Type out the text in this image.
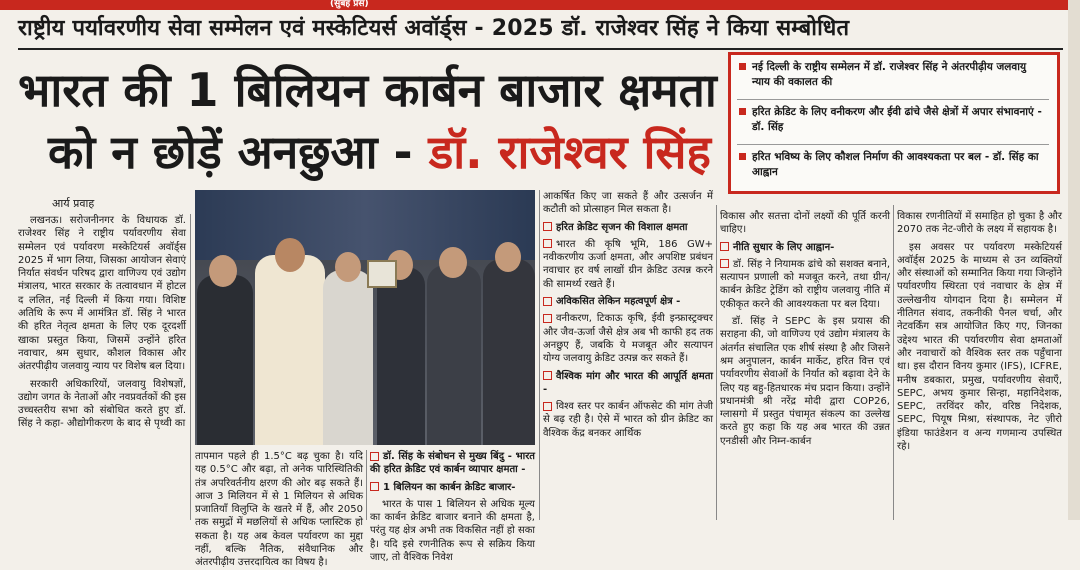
(सुबह प्रेस)
राष्ट्रीय पर्यावरणीय सेवा सम्मेलन एवं मस्केटियर्स अवॉर्ड्स - 2025 डॉ. राजेश्वर सिंह ने किया सम्बोधित
भारत की 1 बिलियन कार्बन बाजार क्षमता
को न छोड़ें अनछुआ - डॉ. राजेश्वर सिंह
नई दिल्ली के राष्ट्रीय सम्मेलन में डॉ. राजेश्वर सिंह ने अंतरपीढ़ीय जलवायु न्याय की वकालत की
हरित क्रेडिट के लिए वनीकरण और ईवी ढांचे जैसे क्षेत्रों में अपार संभावनाएं - डॉ. सिंह
हरित भविष्य के लिए कौशल निर्माण की आवश्यकता पर बल - डॉ. सिंह का आह्वान
आर्य प्रवाह

लखनऊ। सरोजनीनगर के विधायक डॉ. राजेश्वर सिंह ने राष्ट्रीय पर्यावरणीय सेवा सम्मेलन एवं पर्यावरण मस्केटियर्स अवॉर्ड्स 2025 में भाग लिया, जिसका आयोजन सेवाएं निर्यात संवर्धन परिषद द्वारा वाणिज्य एवं उद्योग मंत्रालय, भारत सरकार के तत्वावधान में होटल द ललित, नई दिल्ली में किया गया। विशिष्ट अतिथि के रूप में आमंत्रित डॉ. सिंह ने भारत की हरित नेतृत्व क्षमता के लिए एक दूरदर्शी खाका प्रस्तुत किया, जिसमें उन्होंने हरित नवाचार, श्रम सुधार, कौशल विकास और अंतरपीढ़ीय जलवायु न्याय पर विशेष बल दिया।

सरकारी अधिकारियों, जलवायु विशेषज्ञों, उद्योग जगत के नेताओं और नवप्रवर्तकों की इस उच्चस्तरीय सभा को संबोधित करते हुए डॉ. सिंह ने कहा- औद्योगीकरण के बाद से पृथ्वी का

तापमान पहले ही 1.5°C बढ़ चुका है। यदि यह 0.5°C और बढ़ा, तो अनेक पारिस्थितिकी तंत्र अपरिवर्तनीय क्षरण की ओर बढ़ सकते हैं। आज 3 मिलियन में से 1 मिलियन से अधिक प्रजातियाँ विलुप्ति के खतरे में हैं, और 2050 तक समुद्रों में मछलियों से अधिक प्लास्टिक हो सकता है। यह अब केवल पर्यावरण का मुद्दा नहीं, बल्कि नैतिक, संवैधानिक और अंतरपीढ़ीय उत्तरदायित्व का विषय है।

डॉ. सिंह के संबोधन से मुख्य बिंदु - भारत की हरित क्रेडिट एवं कार्बन व्यापार क्षमता -

1 बिलियन का कार्बन क्रेडिट बाजार-

भारत के पास 1 बिलियन से अधिक मूल्य का कार्बन क्रेडिट बाजार बनाने की क्षमता है, परंतु यह क्षेत्र अभी तक विकसित नहीं हो सका है। यदि इसे रणनीतिक रूप से सक्रिय किया जाए, तो वैश्विक निवेश

आकर्षित किए जा सकते हैं और उत्सर्जन में कटौती को प्रोत्साहन मिल सकता है।

हरित क्रेडिट सृजन की विशाल क्षमता

भारत की कृषि भूमि, 186 GW+ नवीकरणीय ऊर्जा क्षमता, और अपशिष्ट प्रबंधन नवाचार हर वर्ष लाखों ग्रीन क्रेडिट उत्पन्न करने की सामर्थ्य रखते हैं।

अविकसित लेकिन महत्वपूर्ण क्षेत्र -

वनीकरण, टिकाऊ कृषि, ईवी इन्फ्रास्ट्रक्चर और जैव-ऊर्जा जैसे क्षेत्र अब भी काफी हद तक अनछुए हैं, जबकि ये मजबूत और सत्यापन योग्य जलवायु क्रेडिट उत्पन्न कर सकते हैं।

वैश्विक मांग और भारत की आपूर्ति क्षमता -

विश्व स्तर पर कार्बन ऑफसेट की मांग तेजी से बढ़ रही है। ऐसे में भारत को ग्रीन क्रेडिट का वैश्विक केंद्र बनकर आर्थिक

विकास और सतत्ता दोनों लक्ष्यों की पूर्ति करनी चाहिए।

नीति सुधार के लिए आह्वान-

डॉ. सिंह ने नियामक ढांचे को सशक्त बनाने, सत्यापन प्रणाली को मजबूत करने, तथा ग्रीन/कार्बन क्रेडिट ट्रेडिंग को राष्ट्रीय जलवायु नीति में एकीकृत करने की आवश्यकता पर बल दिया।

डॉ. सिंह ने SEPC के इस प्रयास की सराहना की, जो वाणिज्य एवं उद्योग मंत्रालय के अंतर्गत संचालित एक शीर्ष संस्था है और जिसने श्रम अनुपालन, कार्बन मार्केट, हरित वित्त एवं पर्यावरणीय सेवाओं के निर्यात को बढ़ावा देने के लिए यह बहु-हितधारक मंच प्रदान किया। उन्होंने प्रधानमंत्री श्री नरेंद्र मोदी द्वारा COP26, ग्लासगो में प्रस्तुत पंचामृत संकल्प का उल्लेख करते हुए कहा कि यह अब भारत की उन्नत एनडीसी और निम्न-कार्बन

विकास रणनीतियों में समाहित हो चुका है और 2070 तक नेट-जीरो के लक्ष्य में सहायक है।

इस अवसर पर पर्यावरण मस्केटियर्स अवॉर्ड्स 2025 के माध्यम से उन व्यक्तियों और संस्थाओं को सम्मानित किया गया जिन्होंने पर्यावरणीय स्थिरता एवं नवाचार के क्षेत्र में उल्लेखनीय योगदान दिया है। सम्मेलन में नीतिगत संवाद, तकनीकी पैनल चर्चा, और नेटवर्किंग सत्र आयोजित किए गए, जिनका उद्देश्य भारत की पर्यावरणीय सेवा क्षमताओं और नवाचारों को वैश्विक स्तर तक पहुँचाना था। इस दौरान विनय कुमार (IFS), ICFRE, मनीष डबकारा, प्रमुख, पर्यावरणीय सेवाएँ, SEPC, अभय कुमार सिन्हा, महानिदेशक, SEPC, तरविंदर कौर, वरिष्ठ निदेशक, SEPC, पियूष मिश्रा, संस्थापक, नेट ज़ीरो इंडिया फाउंडेशन व अन्य गणमान्य उपस्थित रहे।
